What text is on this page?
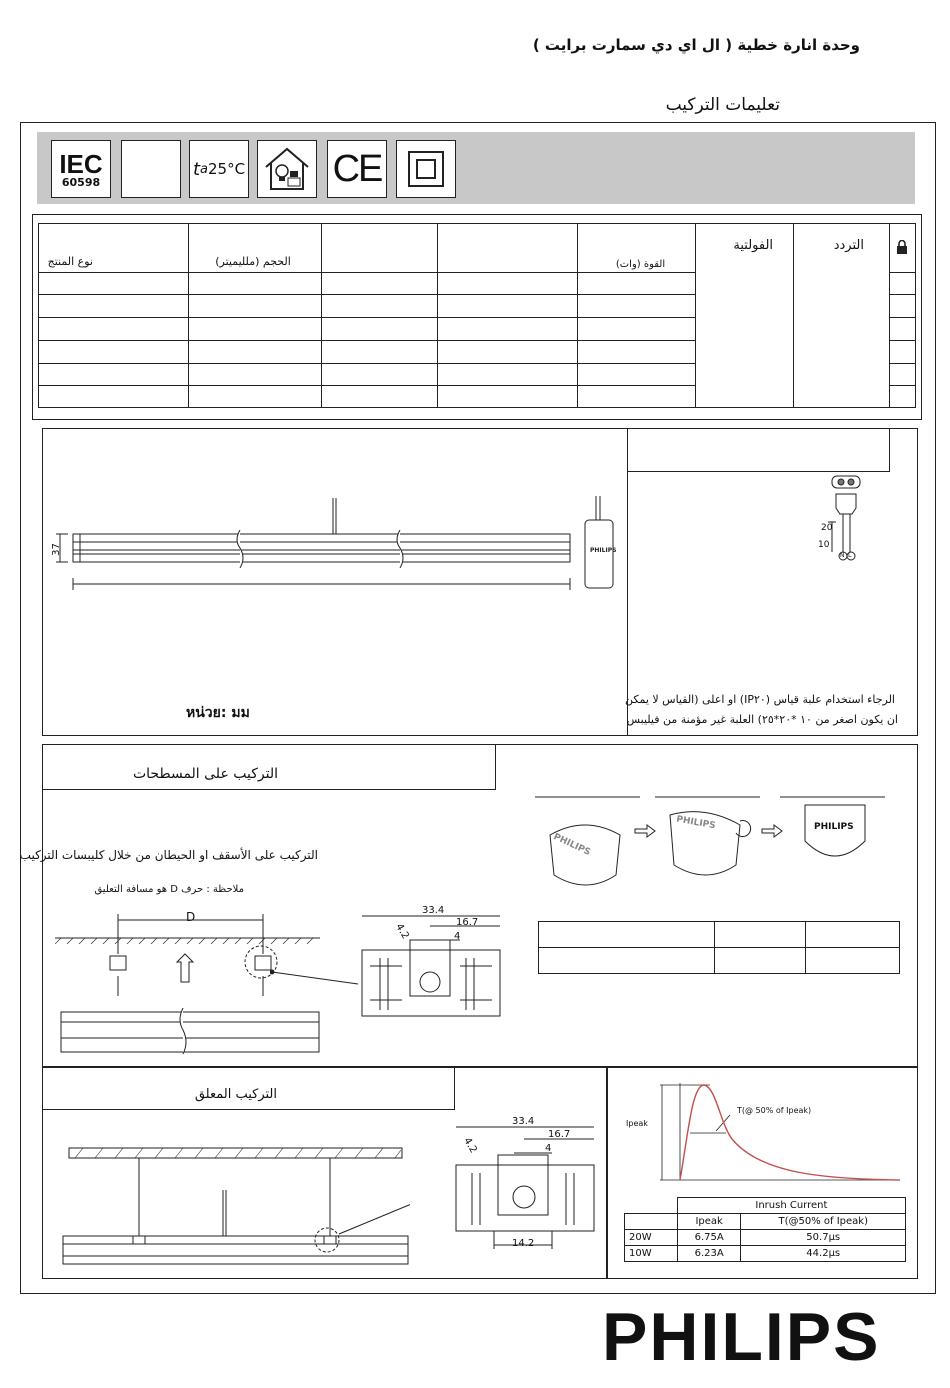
وحدة انارة خطية ( ال اي دي سمارت برايت )
تعليمات التركيب
IEC
60598
t a 25°C CE
نوع المنتج	الحجم (ملليميتر)			القوة (وات)	الفولتية	التردد

PHILIPS
37
หน่วย: มม
20
10
N L
الرجاء استخدام علبة قياس (IP٢٠) او اعلى (القياس لا يمكن
ان يكون اصغر من ١٠ *٢٠*٢٥) العلبة غير مؤمنة من فيليبس
التركيب على المسطحات
التركيب على الأسقف او الحيطان من خلال كليبسات التركيب
ملاحظة : حرف D هو مسافة التعليق
D	33.4
16.7
4
4.2
PHILIPS
PHILIPS	PHILIPS

التركيب المعلق
33.4
16.7
4
4.2
14.2
Ipeak
T(@ 50% of Ipeak)
	Inrush Current	
	Ipeak	T(@50% of Ipeak)
20W	6.75A	50.7µs
10W	6.23A	44.2µs
PHILIPS
